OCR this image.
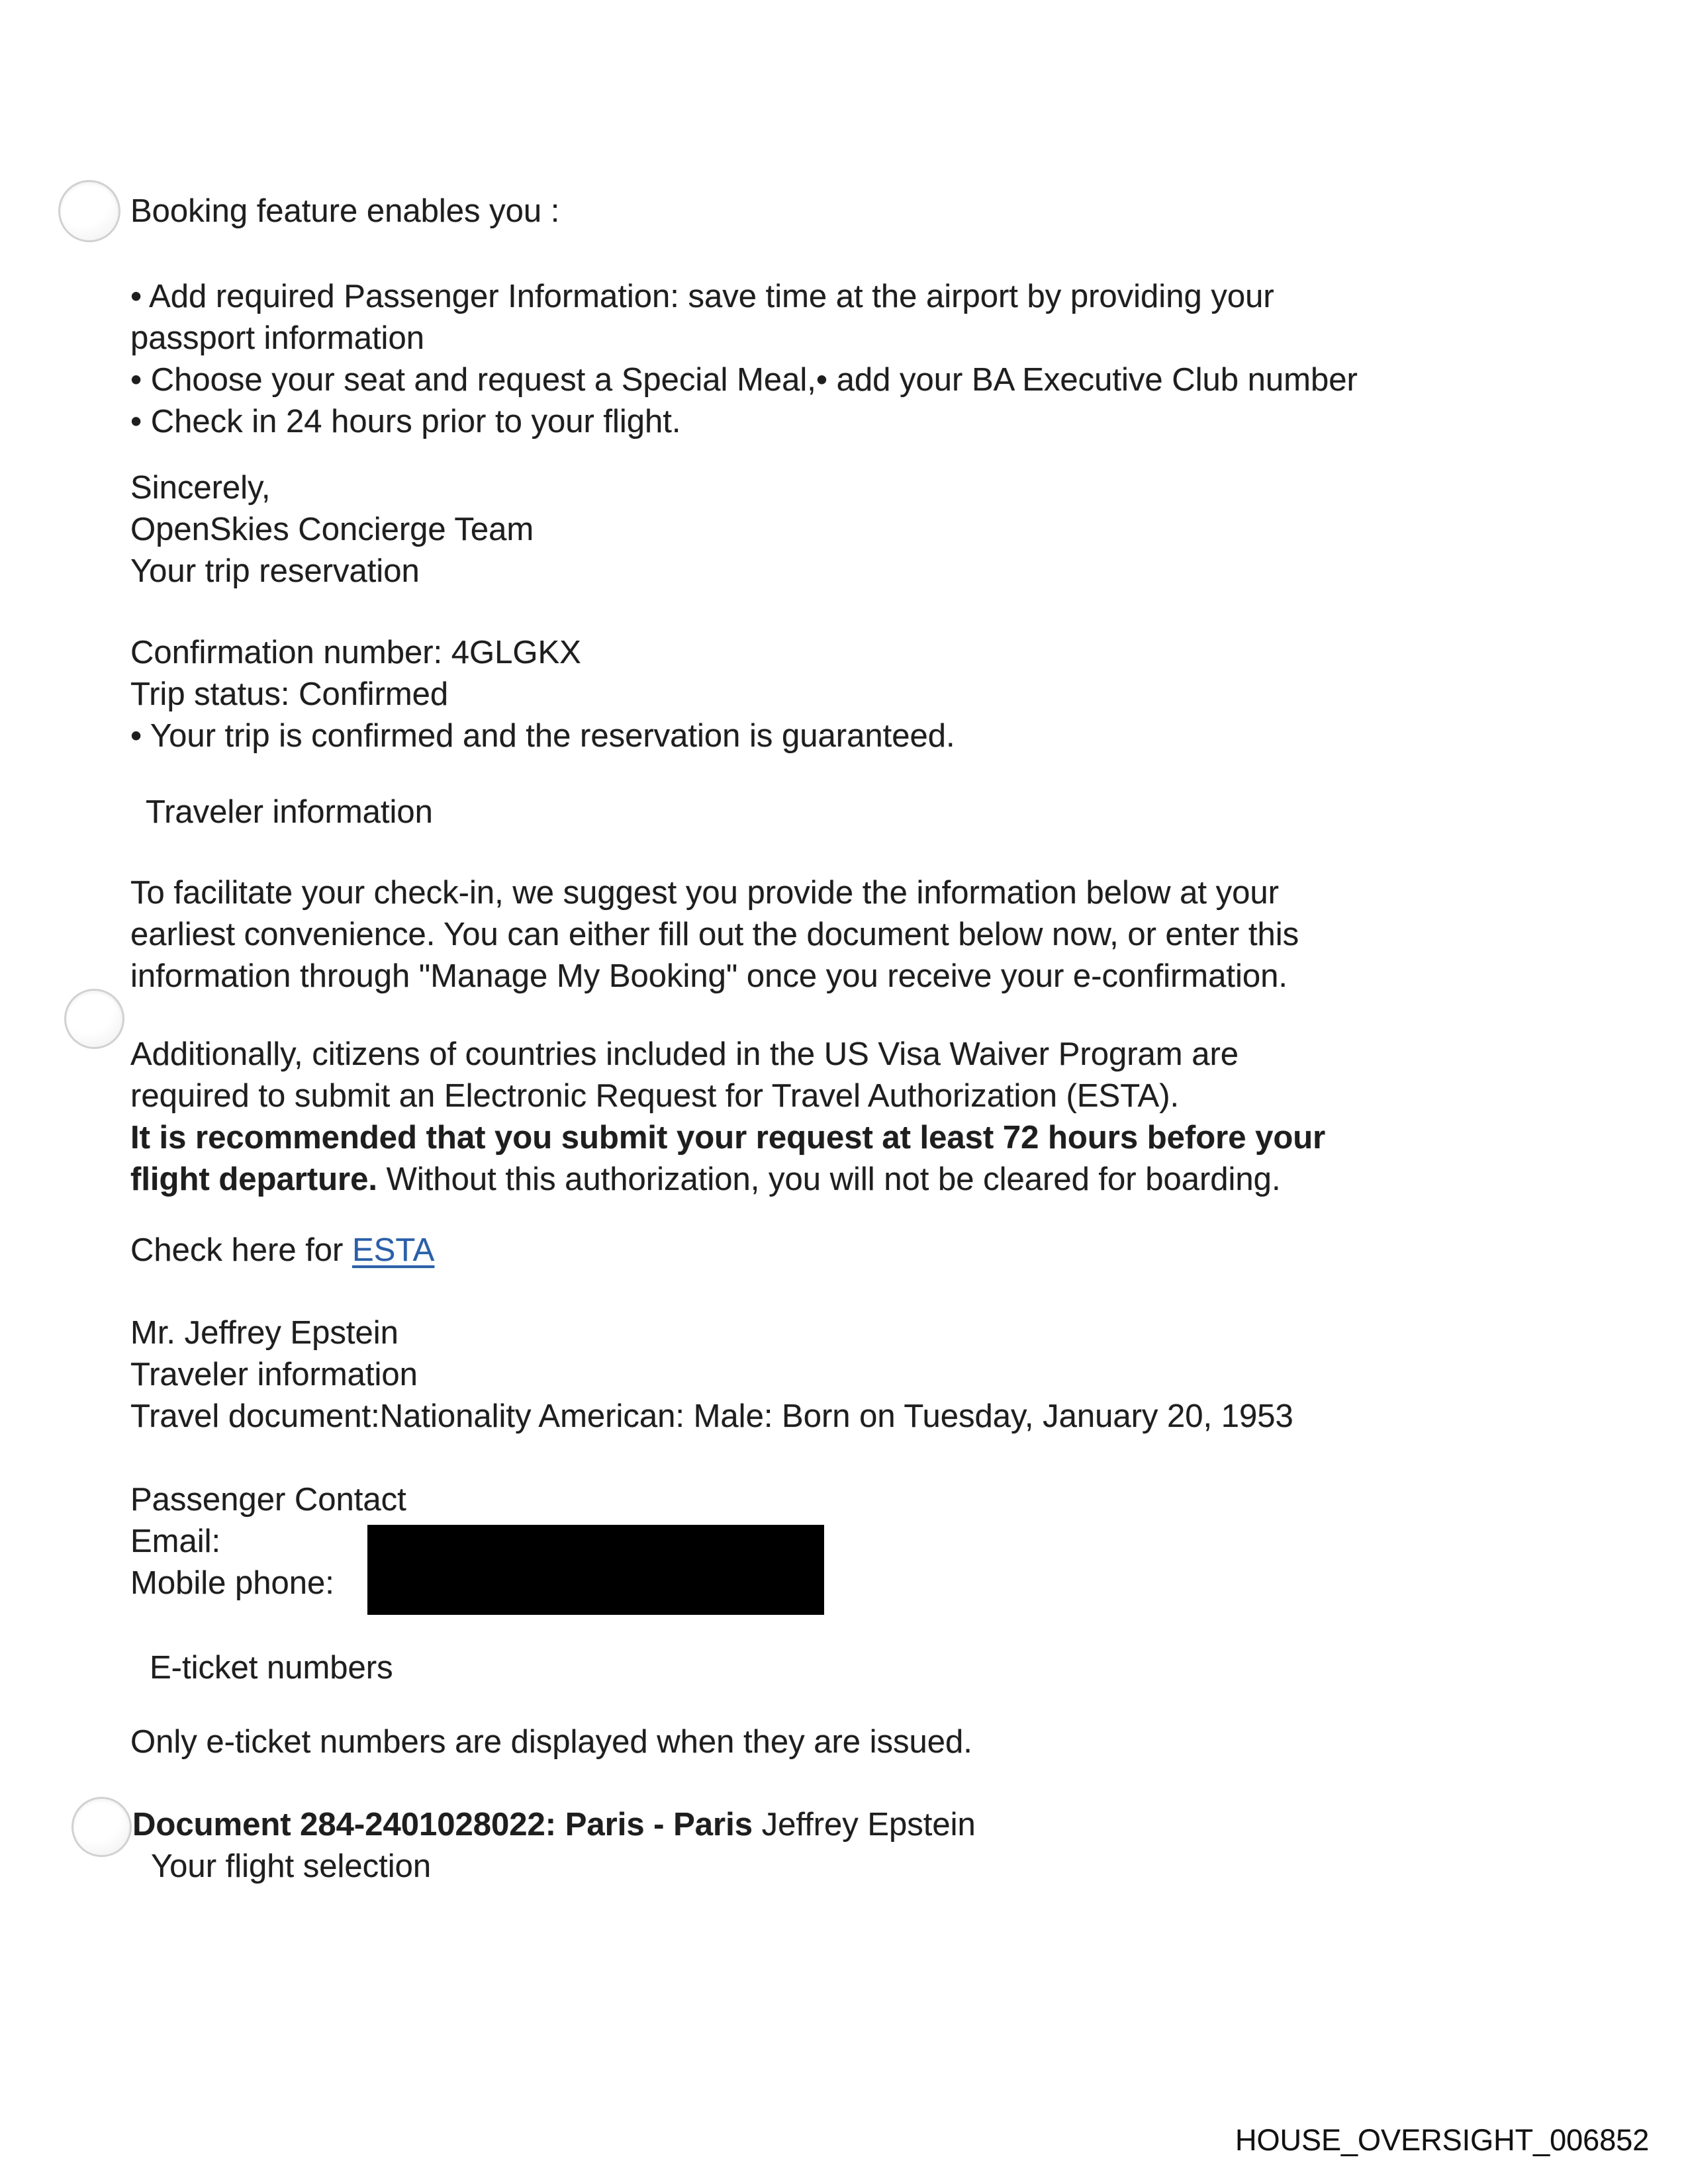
Booking feature enables you :
• Add required Passenger Information: save time at the airport by providing your
passport information
• Choose your seat and request a Special Meal,• add your BA Executive Club number
• Check in 24 hours prior to your flight.
Sincerely,
OpenSkies Concierge Team
Your trip reservation
Confirmation number: 4GLGKX
Trip status: Confirmed
• Your trip is confirmed and the reservation is guaranteed.
Traveler information
To facilitate your check-in, we suggest you provide the information below at your
earliest convenience. You can either fill out the document below now, or enter this
information through "Manage My Booking" once you receive your e-confirmation.
Additionally, citizens of countries included in the US Visa Waiver Program are
required to submit an Electronic Request for Travel Authorization (ESTA).
It is recommended that you submit your request at least 72 hours before your
flight departure. Without this authorization, you will not be cleared for boarding.
Check here for ESTA
Mr. Jeffrey Epstein
Traveler information
Travel document:Nationality American: Male: Born on Tuesday, January 20, 1953
Passenger Contact
Email:
Mobile phone:
E-ticket numbers
Only e-ticket numbers are displayed when they are issued.
Document 284-2401028022: Paris - Paris Jeffrey Epstein
Your flight selection
HOUSE_OVERSIGHT_006852
